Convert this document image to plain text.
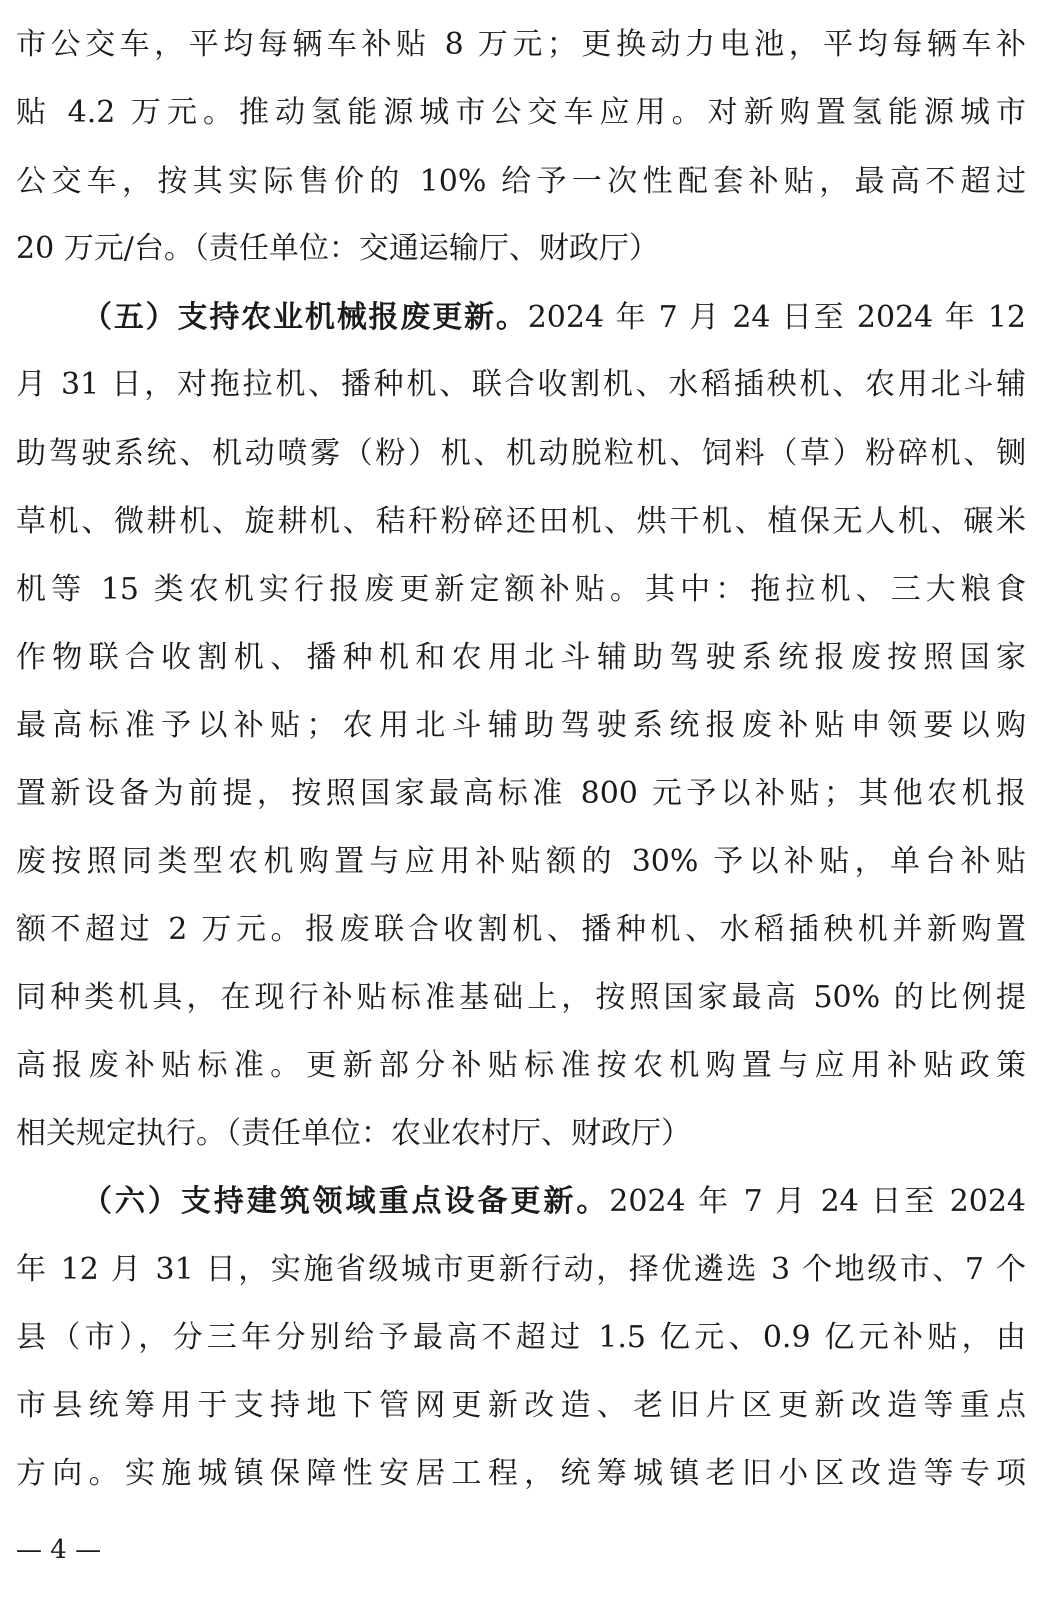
市公交车，平均每辆车补贴 8 万元；更换动力电池，平均每辆车补
贴 4.2 万元。推动氢能源城市公交车应用。对新购置氢能源城市
公交车，按其实际售价的 10% 给予一次性配套补贴，最高不超过
20 万元/台。（责任单位：交通运输厅、财政厅）
（五）支持农业机械报废更新。2024 年 7 月 24 日至 2024 年 12
月 31 日，对拖拉机、播种机、联合收割机、水稻插秧机、农用北斗辅
助驾驶系统、机动喷雾（粉）机、机动脱粒机、饲料（草）粉碎机、铡
草机、微耕机、旋耕机、秸秆粉碎还田机、烘干机、植保无人机、碾米
机等 15 类农机实行报废更新定额补贴。其中：拖拉机、三大粮食
作物联合收割机、播种机和农用北斗辅助驾驶系统报废按照国家
最高标准予以补贴；农用北斗辅助驾驶系统报废补贴申领要以购
置新设备为前提，按照国家最高标准 800 元予以补贴；其他农机报
废按照同类型农机购置与应用补贴额的 30% 予以补贴，单台补贴
额不超过 2 万元。报废联合收割机、播种机、水稻插秧机并新购置
同种类机具，在现行补贴标准基础上，按照国家最高 50% 的比例提
高报废补贴标准。更新部分补贴标准按农机购置与应用补贴政策
相关规定执行。（责任单位：农业农村厅、财政厅）
（六）支持建筑领域重点设备更新。2024 年 7 月 24 日至 2024
年 12 月 31 日，实施省级城市更新行动，择优遴选 3 个地级市、7 个
县（市），分三年分别给予最高不超过 1.5 亿元、0.9 亿元补贴，由
市县统筹用于支持地下管网更新改造、老旧片区更新改造等重点
方向。实施城镇保障性安居工程，统筹城镇老旧小区改造等专项
— 4 —
